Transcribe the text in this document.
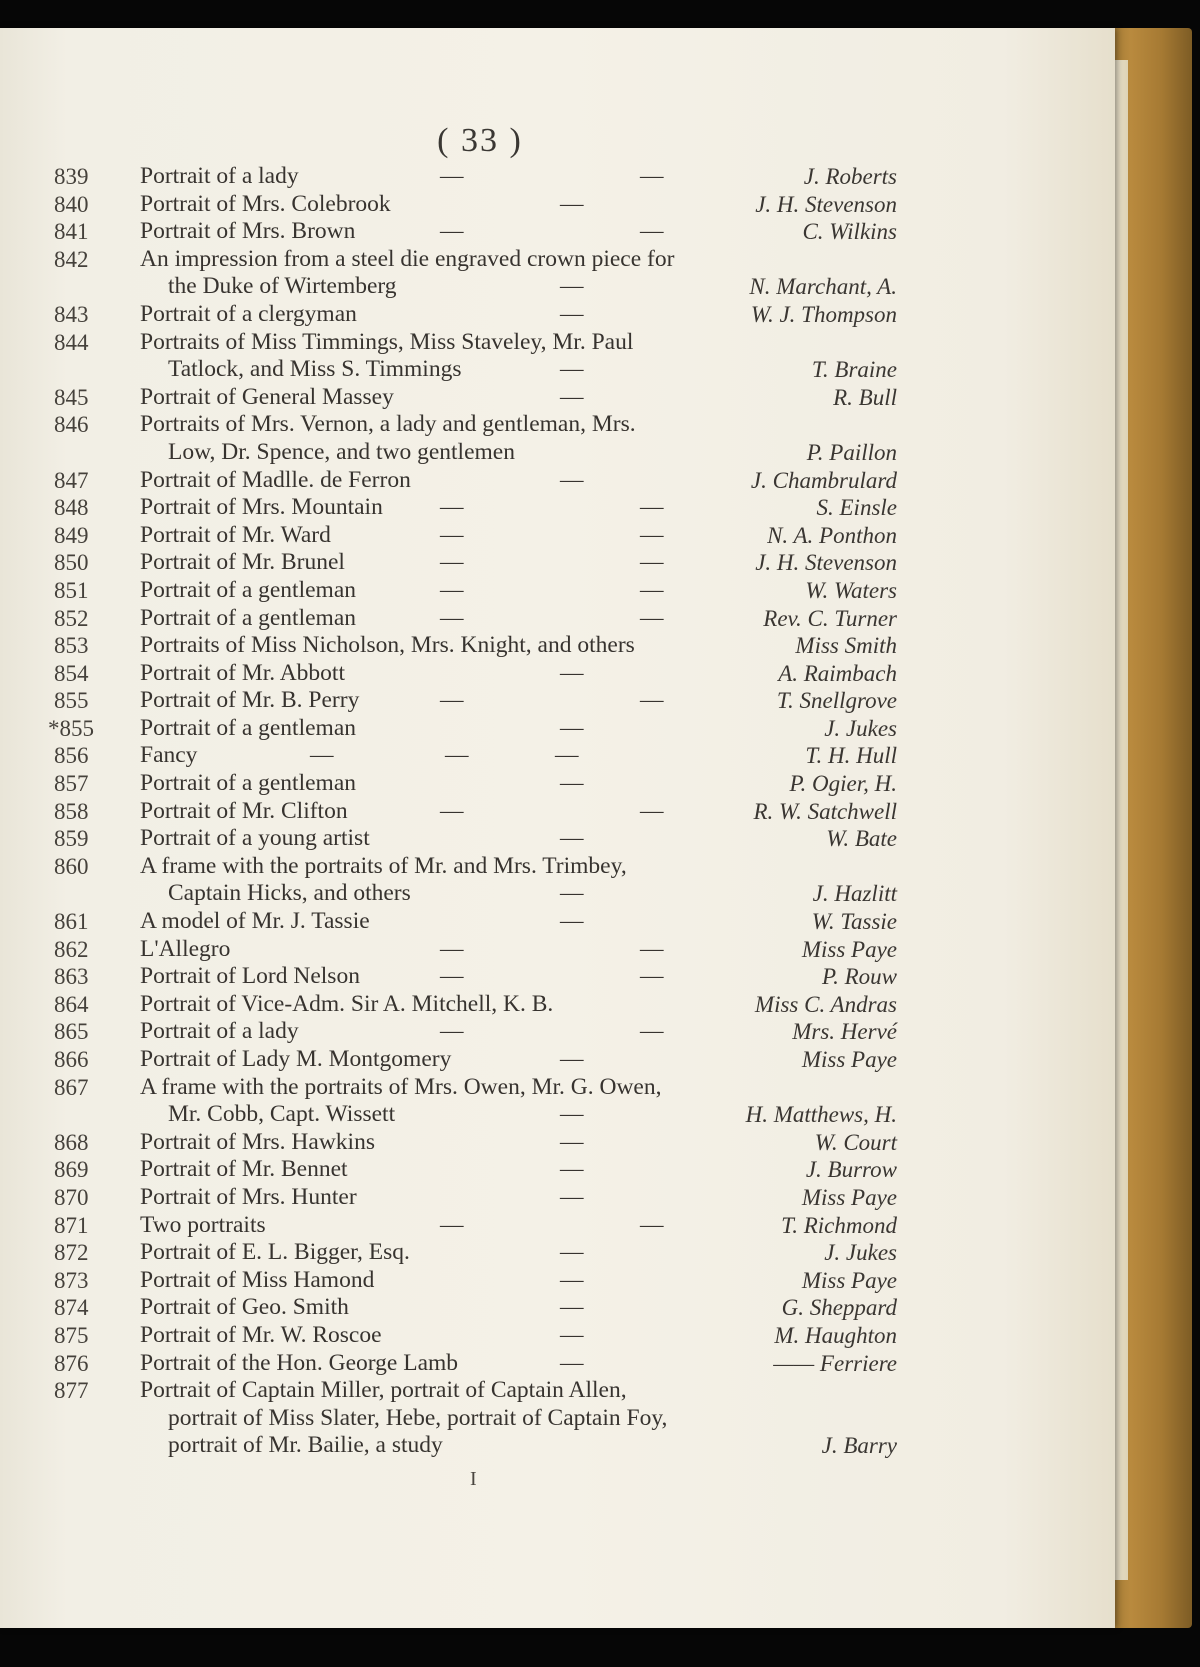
( 33 )
839 Portrait of a lady	—	—	J. Roberts
840 Portrait of Mrs. Colebrook	—	J. H. Stevenson
841 Portrait of Mrs. Brown	—	—	C. Wilkins
842 An impression from a steel die engraved crown piece for
the Duke of Wirtemberg	—	N. Marchant, A.
843 Portrait of a clergyman	—	W. J. Thompson
844 Portraits of Miss Timmings, Miss Staveley, Mr. Paul
Tatlock, and Miss S. Timmings	—	T. Braine
845 Portrait of General Massey	—	R. Bull
846 Portraits of Mrs. Vernon, a lady and gentleman, Mrs.
Low, Dr. Spence, and two gentlemen	P. Paillon
847 Portrait of Madlle. de Ferron	—	J. Chambrulard
848 Portrait of Mrs. Mountain —	—	S. Einsle
849 Portrait of Mr. Ward	—	—	N. A. Ponthon
850 Portrait of Mr. Brunel	—	—	J. H. Stevenson
851 Portrait of a gentleman	—	—	W. Waters
852 Portrait of a gentleman	—	—	Rev. C. Turner
853 Portraits of Miss Nicholson, Mrs. Knight, and others	Miss Smith
854 Portrait of Mr. Abbott	—	A. Raimbach
855 Portrait of Mr. B. Perry	—	—	T. Snellgrove
*855 Portrait of a gentleman	—	J. Jukes
856 Fancy	—	—	—	T. H. Hull
857 Portrait of a gentleman	—	P. Ogier, H.
858 Portrait of Mr. Clifton	—	—	R. W. Satchwell
859 Portrait of a young artist	—	W. Bate
860 A frame with the portraits of Mr. and Mrs. Trimbey,
Captain Hicks, and others	—	J. Hazlitt
861 A model of Mr. J. Tassie	—	W. Tassie
862 L'Allegro	—	—	Miss Paye
863 Portrait of Lord Nelson	—	—	P. Rouw
864 Portrait of Vice-Adm. Sir A. Mitchell, K. B.	Miss C. Andras
865 Portrait of a lady	—	—	Mrs. Hervé
866 Portrait of Lady M. Montgomery	—	Miss Paye
867 A frame with the portraits of Mrs. Owen, Mr. G. Owen,
Mr. Cobb, Capt. Wissett	—	H. Matthews, H.
868 Portrait of Mrs. Hawkins	—	W. Court
869 Portrait of Mr. Bennet	—	J. Burrow
870 Portrait of Mrs. Hunter	—	Miss Paye
871 Two portraits	—	—	T. Richmond
872 Portrait of E. L. Bigger, Esq.	—	J. Jukes
873 Portrait of Miss Hamond	—	Miss Paye
874 Portrait of Geo. Smith	—	G. Sheppard
875 Portrait of Mr. W. Roscoe	—	M. Haughton
876 Portrait of the Hon. George Lamb	—	—— Ferriere
877 Portrait of Captain Miller, portrait of Captain Allen,
portrait of Miss Slater, Hebe, portrait of Captain Foy,
portrait of Mr. Bailie, a study	J. Barry
I
